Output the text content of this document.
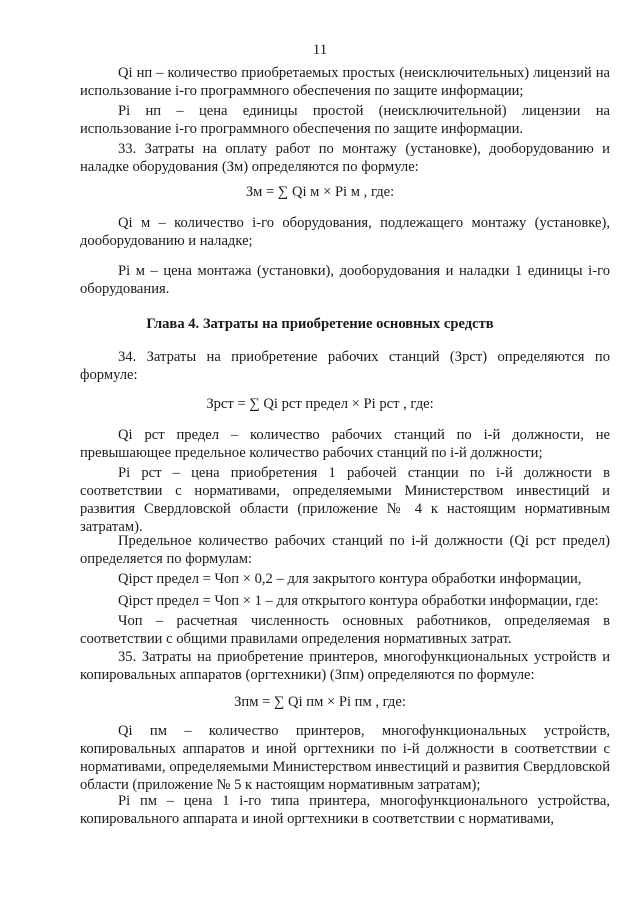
11

Qi нп – количество приобретаемых простых (неисключительных) лицензий на использование i-го программного обеспечения по защите информации;

Pi нп – цена единицы простой (неисключительной) лицензии на использование i-го программного обеспечения по защите информации.

33. Затраты на оплату работ по монтажу (установке), дооборудованию и наладке оборудования (Зм) определяются по формуле:

Зм = ∑ Qi м × Pi м , где:

Qi м – количество i-го оборудования, подлежащего монтажу (установке), дооборудованию и наладке;

Pi м – цена монтажа (установки), дооборудования и наладки 1 единицы i-го оборудования.

Глава 4. Затраты на приобретение основных средств

34. Затраты на приобретение рабочих станций (Зрст) определяются по формуле:

Зрст = ∑ Qi рст предел × Pi рст , где:

Qi рст предел – количество рабочих станций по i-й должности, не превышающее предельное количество рабочих станций по i-й должности;

Pi рст – цена приобретения 1 рабочей станции по i-й должности в соответствии с нормативами, определяемыми Министерством инвестиций и развития Свердловской области (приложение № 4 к настоящим нормативным затратам).

Предельное количество рабочих станций по i-й должности (Qi рст предел) определяется по формулам:

Qiрст предел = Чоп × 0,2 – для закрытого контура обработки информации,

Qiрст предел = Чоп × 1 – для открытого контура обработки информации, где:

Чоп – расчетная численность основных работников, определяемая в соответствии с общими правилами определения нормативных затрат.

35. Затраты на приобретение принтеров, многофункциональных устройств и копировальных аппаратов (оргтехники) (Зпм) определяются по формуле:

Зпм = ∑ Qi пм × Pi пм , где:

Qi пм – количество принтеров, многофункциональных устройств, копировальных аппаратов и иной оргтехники по i-й должности в соответствии с нормативами, определяемыми Министерством инвестиций и развития Свердловской области (приложение № 5 к настоящим нормативным затратам);

Pi пм – цена 1 i-го типа принтера, многофункционального устройства, копировального аппарата и иной оргтехники в соответствии с нормативами,
